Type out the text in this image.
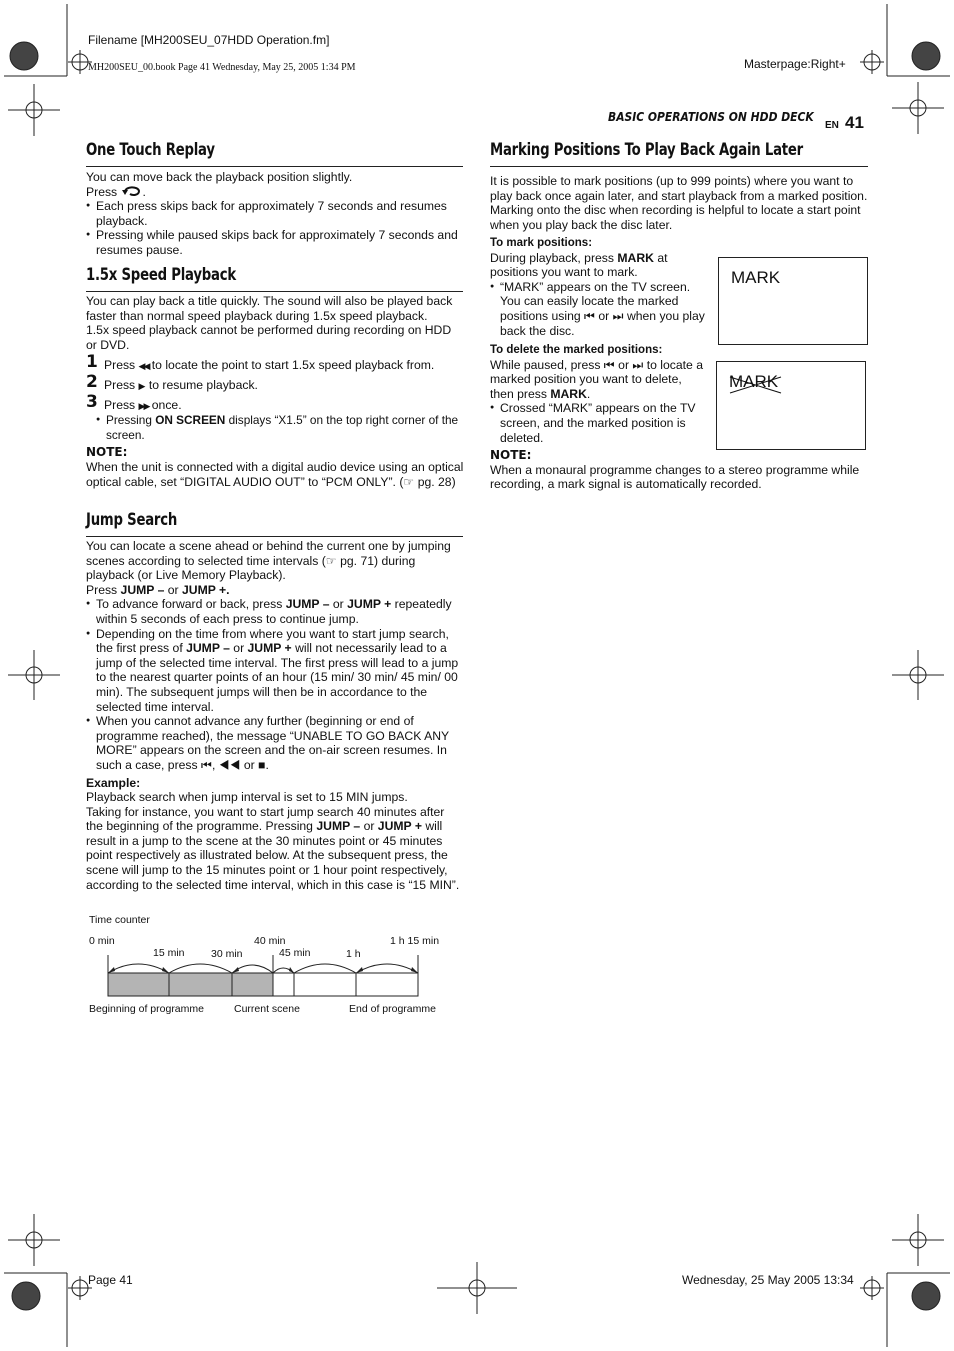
Filename [MH200SEU_07HDD Operation.fm]
MH200SEU_00.book Page 41 Wednesday, May 25, 2005 1:34 PM	Masterpage:Right+
Page 41	Wednesday, 25 May 2005 13:34
BASIC OPERATIONS ON HDD DECK
EN 41
One Touch Replay
You can move back the playback position slightly.
Press .
● Each press skips back for approximately 7 seconds and resumes playback.
● Pressing while paused skips back for approximately 7 seconds and resumes pause.
1.5x Speed Playback
You can play back a title quickly. The sound will also be played back faster than normal speed playback during 1.5x speed playback.
1.5x speed playback cannot be performed during recording on HDD or DVD.
1 Press ◀◀ to locate the point to start 1.5x speed playback from.
2 Press ▶ to resume playback.
3 Press ▶▶ once.
● Pressing ON SCREEN displays “X1.5” on the top right corner of the screen.
NOTE:
When the unit is connected with a digital audio device using an optical optical cable, set “DIGITAL AUDIO OUT” to “PCM ONLY”. (☞ pg. 28)
Jump Search
You can locate a scene ahead or behind the current one by jumping scenes according to selected time intervals (☞ pg. 71) during playback (or Live Memory Playback).
Press JUMP – or JUMP +.
● To advance forward or back, press JUMP – or JUMP + repeatedly within 5 seconds of each press to continue jump.
● Depending on the time from where you want to start jump search, the first press of JUMP – or JUMP + will not necessarily lead to a jump of the selected time interval. The first press will lead to a jump to the nearest quarter points of an hour (15 min/ 30 min/ 45 min/ 00 min). The subsequent jumps will then be in accordance to the selected time interval.
● When you cannot advance any further (beginning or end of programme reached), the message “UNABLE TO GO BACK ANY MORE” appears on the screen and the on-air screen resumes. In such a case, press ⏮, ◀◀ or ■.
Example:
Playback search when jump interval is set to 15 MIN jumps.
Taking for instance, you want to start jump search 40 minutes after the beginning of the programme. Pressing JUMP – or JUMP + will result in a jump to the scene at the 30 minutes point or 45 minutes point respectively as illustrated below. At the subsequent press, the scene will jump to the 15 minutes point or 1 hour point respectively, according to the selected time interval, which in this case is “15 MIN”.
Time counter
0 min	40 min	1 h 15 min
15 min	30 min	45 min	1 h
Beginning of programme	Current scene	End of programme
Marking Positions To Play Back Again Later
It is possible to mark positions (up to 999 points) where you want to play back once again later, and start playback from a marked position. Marking onto the disc when recording is helpful to locate a start point when you play back the disc later.
To mark positions:
During playback, press MARK at positions you want to mark.
● “MARK” appears on the TV screen. You can easily locate the marked positions using ⏮ or ⏭ when you play back the disc.
To delete the marked positions:
While paused, press ⏮ or ⏭ to locate a marked position you want to delete, then press MARK.
● Crossed “MARK” appears on the TV screen, and the marked position is deleted.
MARK
MARK
NOTE:
When a monaural programme changes to a stereo programme while recording, a mark signal is automatically recorded.
